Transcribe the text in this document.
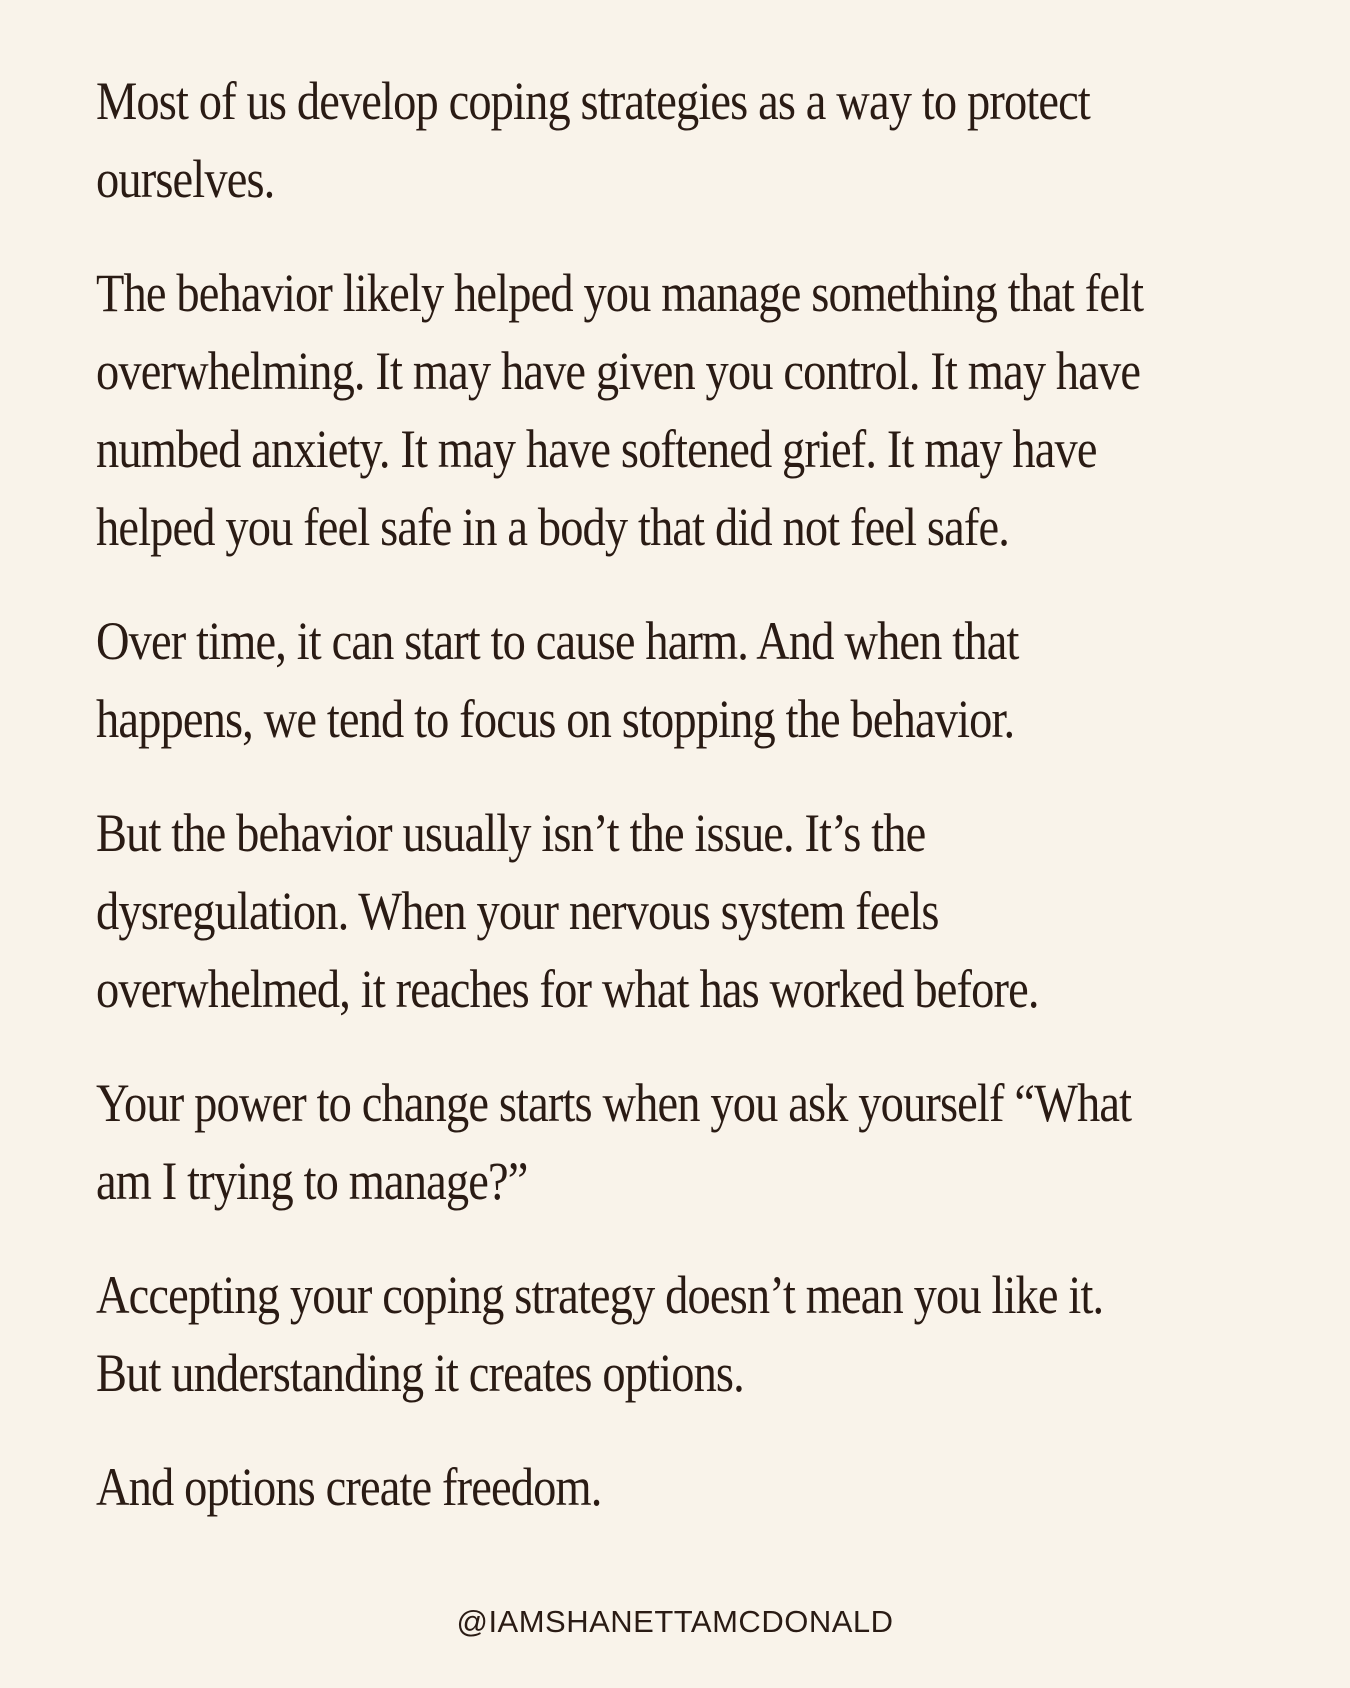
Most of us develop coping strategies as a way to protect
ourselves.

The behavior likely helped you manage something that felt
overwhelming. It may have given you control. It may have
numbed anxiety. It may have softened grief. It may have
helped you feel safe in a body that did not feel safe.

Over time, it can start to cause harm. And when that
happens, we tend to focus on stopping the behavior.

But the behavior usually isn’t the issue. It’s the
dysregulation. When your nervous system feels
overwhelmed, it reaches for what has worked before.

Your power to change starts when you ask yourself “What
am I trying to manage?”

Accepting your coping strategy doesn’t mean you like it.
But understanding it creates options.

And options create freedom.

@IAMSHANETTAMCDONALD
